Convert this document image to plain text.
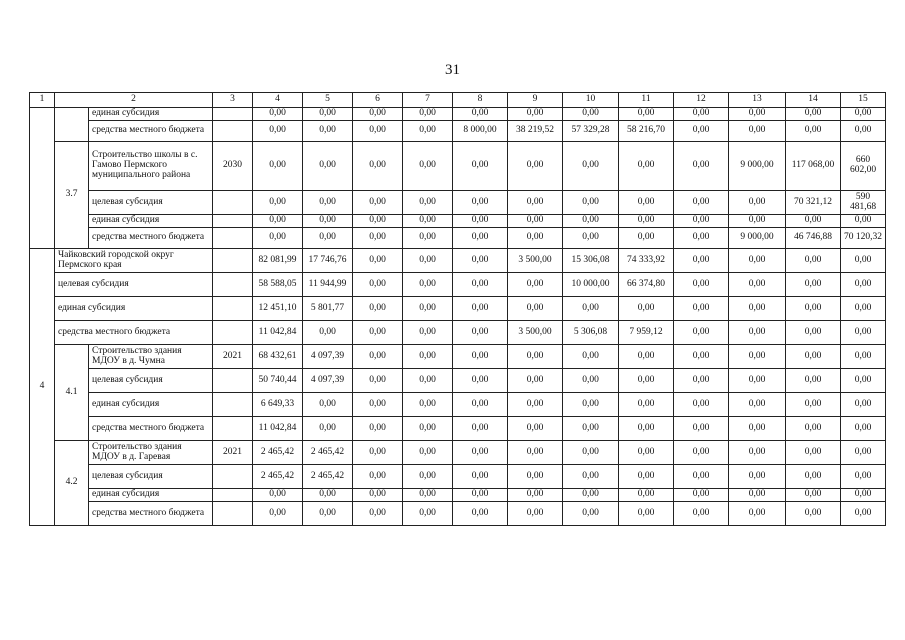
31
1	2		3	4	5	6	7	8	9	10	11	12	13	14	15
		единая субсидия		0,00	0,00	0,00	0,00	0,00	0,00	0,00	0,00	0,00	0,00	0,00	0,00
		средства местного бюджета		0,00	0,00	0,00	0,00	8 000,00	38 219,52	57 329,28	58 216,70	0,00	0,00	0,00	0,00
	3.7	Строительство школы в с. Гамово Пермского муниципального района	2030	0,00	0,00	0,00	0,00	0,00	0,00	0,00	0,00	0,00	9 000,00	117 068,00	660 602,00
		целевая субсидия		0,00	0,00	0,00	0,00	0,00	0,00	0,00	0,00	0,00	0,00	70 321,12	590 481,68
		единая субсидия		0,00	0,00	0,00	0,00	0,00	0,00	0,00	0,00	0,00	0,00	0,00	0,00
		средства местного бюджета		0,00	0,00	0,00	0,00	0,00	0,00	0,00	0,00	0,00	9 000,00	46 746,88	70 120,32
4	Чайковский городской округ Пермского края			82 081,99	17 746,76	0,00	0,00	0,00	3 500,00	15 306,08	74 333,92	0,00	0,00	0,00	0,00
	целевая субсидия			58 588,05	11 944,99	0,00	0,00	0,00	0,00	10 000,00	66 374,80	0,00	0,00	0,00	0,00
	единая субсидия			12 451,10	5 801,77	0,00	0,00	0,00	0,00	0,00	0,00	0,00	0,00	0,00	0,00
	средства местного бюджета			11 042,84	0,00	0,00	0,00	0,00	3 500,00	5 306,08	7 959,12	0,00	0,00	0,00	0,00
	4.1	Строительство здания МДОУ в д. Чумна	2021	68 432,61	4 097,39	0,00	0,00	0,00	0,00	0,00	0,00	0,00	0,00	0,00	0,00
		целевая субсидия		50 740,44	4 097,39	0,00	0,00	0,00	0,00	0,00	0,00	0,00	0,00	0,00	0,00
		единая субсидия		6 649,33	0,00	0,00	0,00	0,00	0,00	0,00	0,00	0,00	0,00	0,00	0,00
		средства местного бюджета		11 042,84	0,00	0,00	0,00	0,00	0,00	0,00	0,00	0,00	0,00	0,00	0,00
	4.2	Строительство здания МДОУ в д. Гаревая	2021	2 465,42	2 465,42	0,00	0,00	0,00	0,00	0,00	0,00	0,00	0,00	0,00	0,00
		целевая субсидия		2 465,42	2 465,42	0,00	0,00	0,00	0,00	0,00	0,00	0,00	0,00	0,00	0,00
		единая субсидия		0,00	0,00	0,00	0,00	0,00	0,00	0,00	0,00	0,00	0,00	0,00	0,00
		средства местного бюджета		0,00	0,00	0,00	0,00	0,00	0,00	0,00	0,00	0,00	0,00	0,00	0,00
